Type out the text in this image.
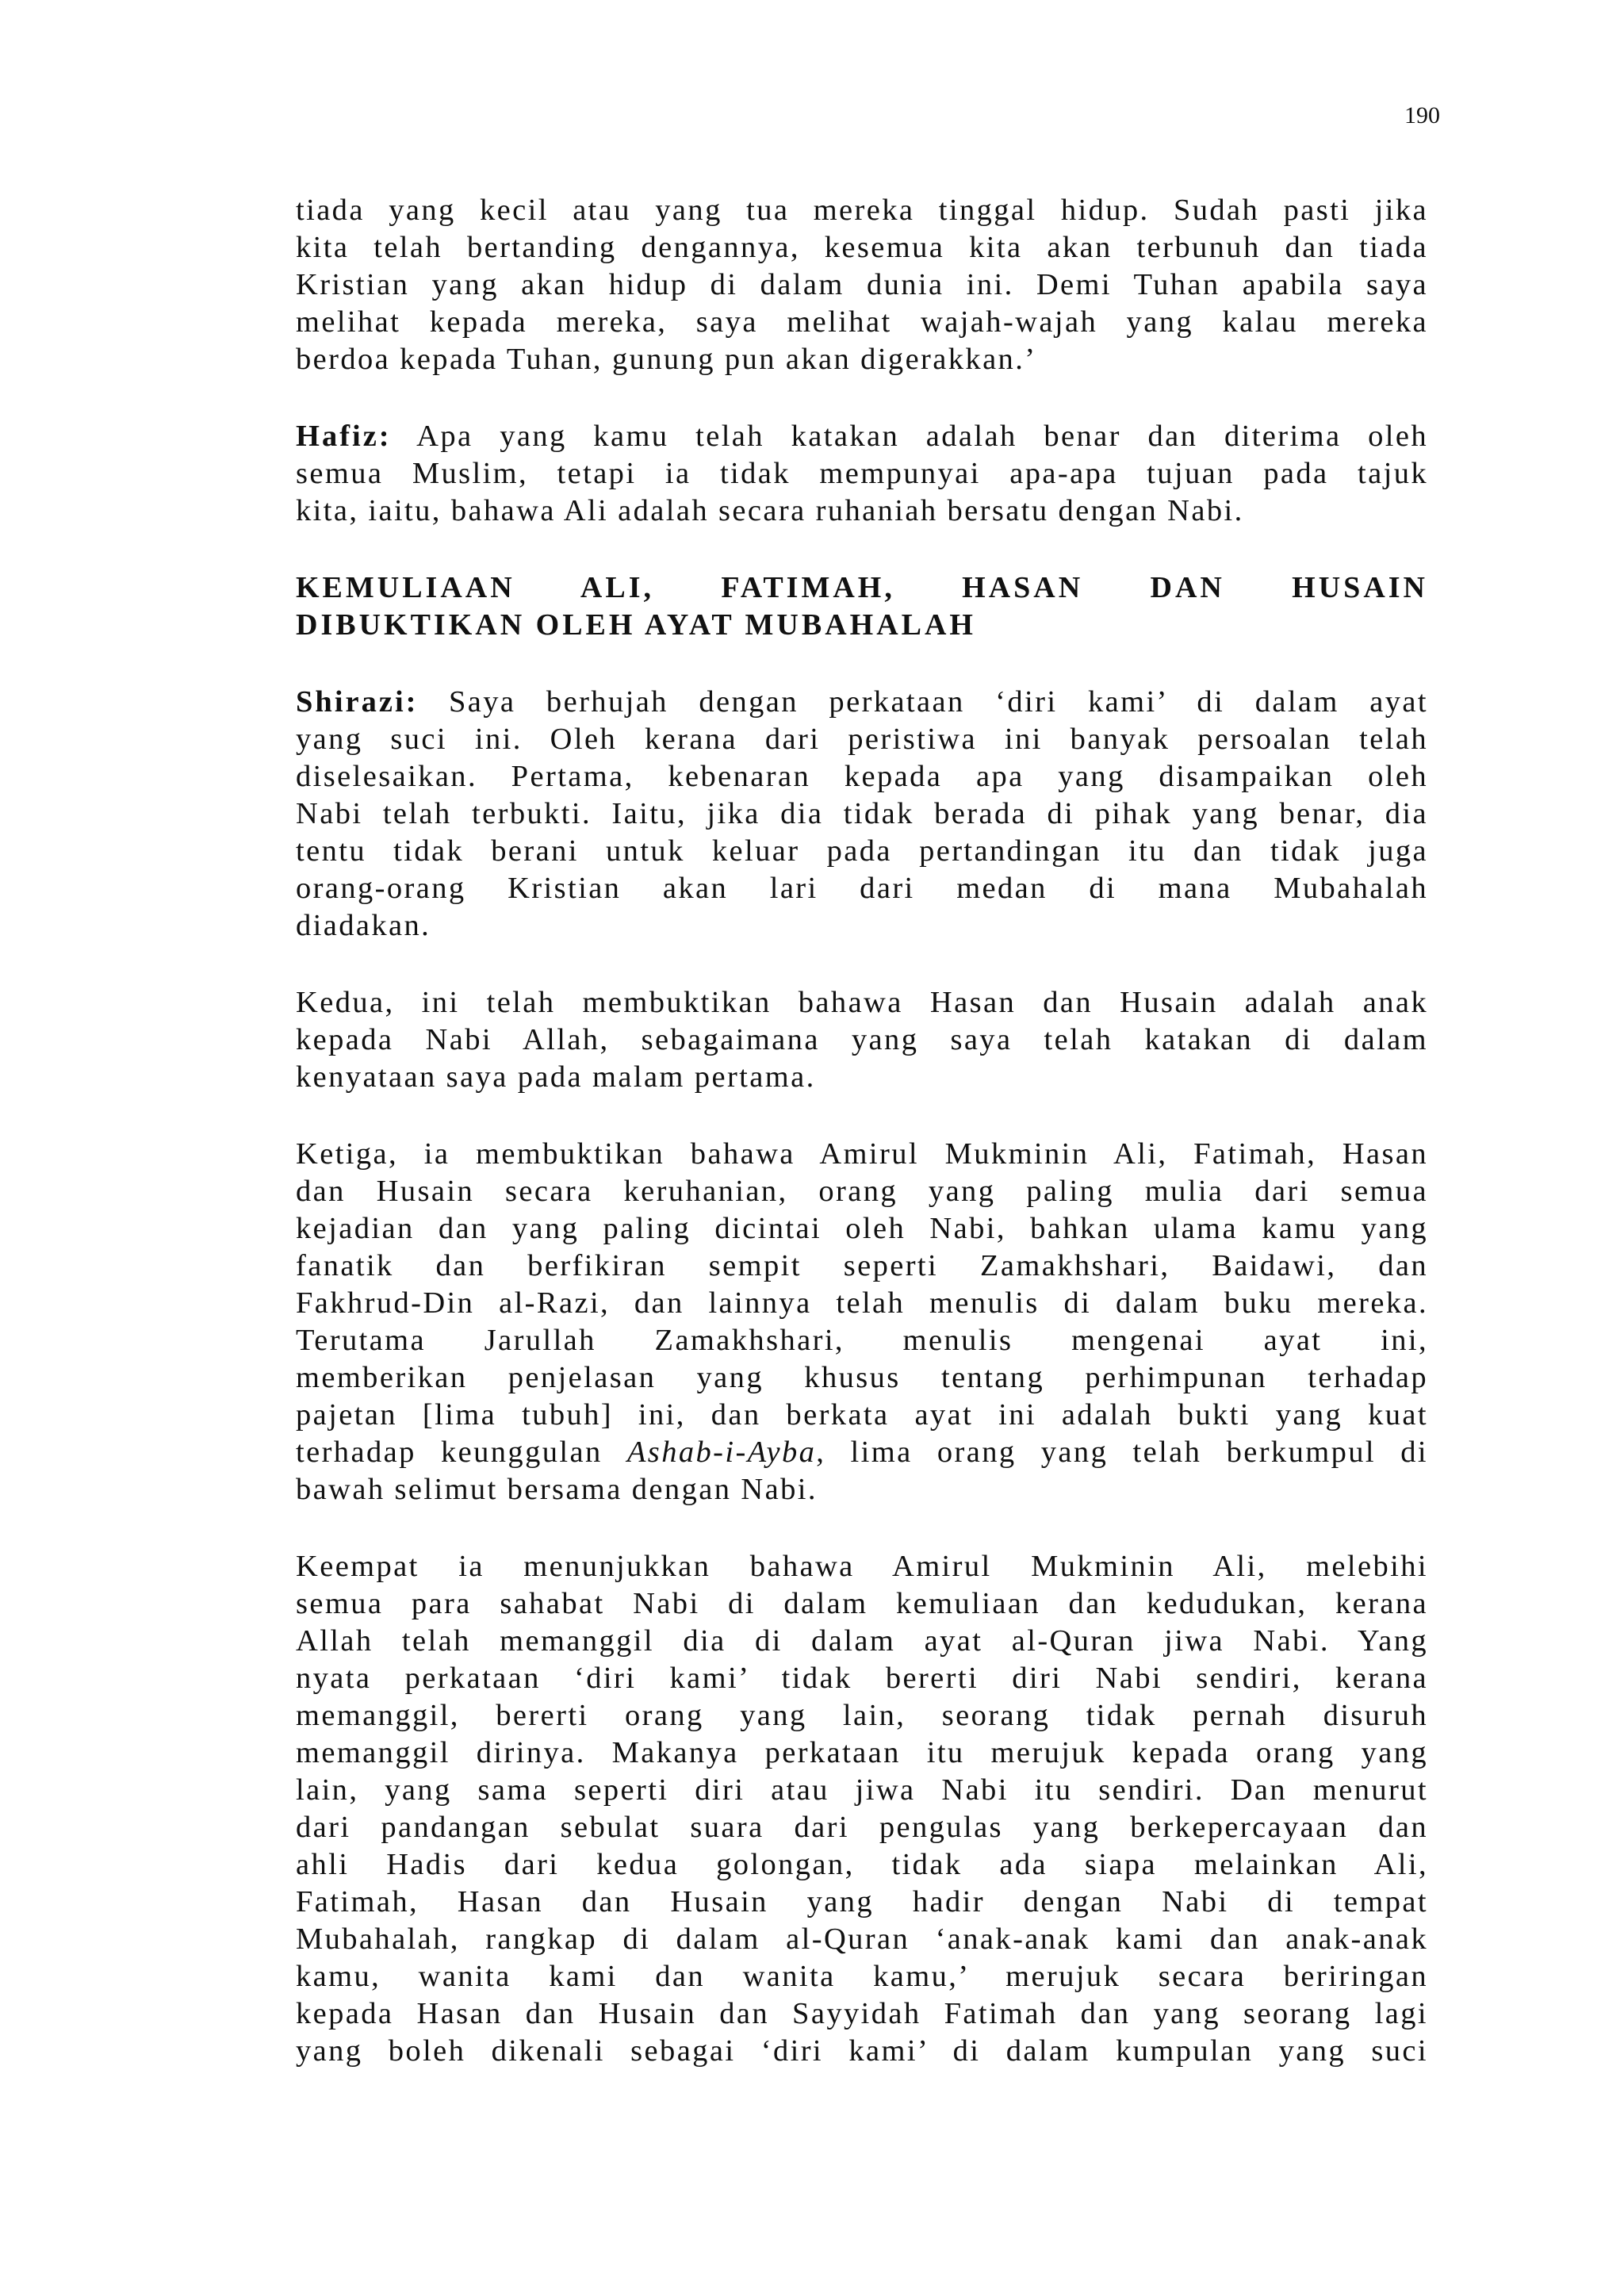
190

tiada yang kecil atau yang tua mereka tinggal hidup. Sudah pasti jika
kita telah bertanding dengannya, kesemua kita akan terbunuh dan tiada
Kristian yang akan hidup di dalam dunia ini. Demi Tuhan apabila saya
melihat kepada mereka, saya melihat wajah-wajah yang kalau mereka
berdoa kepada Tuhan, gunung pun akan digerakkan.’

Hafiz: Apa yang kamu telah katakan adalah benar dan diterima oleh
semua Muslim, tetapi ia tidak mempunyai apa-apa tujuan pada tajuk
kita, iaitu, bahawa Ali adalah secara ruhaniah bersatu dengan Nabi.

KEMULIAAN ALI, FATIMAH, HASAN DAN HUSAIN
DIBUKTIKAN OLEH AYAT MUBAHALAH

Shirazi: Saya berhujah dengan perkataan ‘diri kami’ di dalam ayat
yang suci ini. Oleh kerana dari peristiwa ini banyak persoalan telah
diselesaikan. Pertama, kebenaran kepada apa yang disampaikan oleh
Nabi telah terbukti. Iaitu, jika dia tidak berada di pihak yang benar, dia
tentu tidak berani untuk keluar pada pertandingan itu dan tidak juga
orang-orang Kristian akan lari dari medan di mana Mubahalah
diadakan.

Kedua, ini telah membuktikan bahawa Hasan dan Husain adalah anak
kepada Nabi Allah, sebagaimana yang saya telah katakan di dalam
kenyataan saya pada malam pertama.

Ketiga, ia membuktikan bahawa Amirul Mukminin Ali, Fatimah, Hasan
dan Husain secara keruhanian, orang yang paling mulia dari semua
kejadian dan yang paling dicintai oleh Nabi, bahkan ulama kamu yang
fanatik dan berfikiran sempit seperti Zamakhshari, Baidawi, dan
Fakhrud-Din al-Razi, dan lainnya telah menulis di dalam buku mereka.
Terutama Jarullah Zamakhshari, menulis mengenai ayat ini,
memberikan penjelasan yang khusus tentang perhimpunan terhadap
pajetan [lima tubuh] ini, dan berkata ayat ini adalah bukti yang kuat
terhadap keunggulan Ashab-i-Ayba, lima orang yang telah berkumpul di
bawah selimut bersama dengan Nabi.

Keempat ia menunjukkan bahawa Amirul Mukminin Ali, melebihi
semua para sahabat Nabi di dalam kemuliaan dan kedudukan, kerana
Allah telah memanggil dia di dalam ayat al-Quran jiwa Nabi. Yang
nyata perkataan ‘diri kami’ tidak bererti diri Nabi sendiri, kerana
memanggil, bererti orang yang lain, seorang tidak pernah disuruh
memanggil dirinya. Makanya perkataan itu merujuk kepada orang yang
lain, yang sama seperti diri atau jiwa Nabi itu sendiri. Dan menurut
dari pandangan sebulat suara dari pengulas yang berkepercayaan dan
ahli Hadis dari kedua golongan, tidak ada siapa melainkan Ali,
Fatimah, Hasan dan Husain yang hadir dengan Nabi di tempat
Mubahalah, rangkap di dalam al-Quran ‘anak-anak kami dan anak-anak
kamu, wanita kami dan wanita kamu,’ merujuk secara beriringan
kepada Hasan dan Husain dan Sayyidah Fatimah dan yang seorang lagi
yang boleh dikenali sebagai ‘diri kami’ di dalam kumpulan yang suci
